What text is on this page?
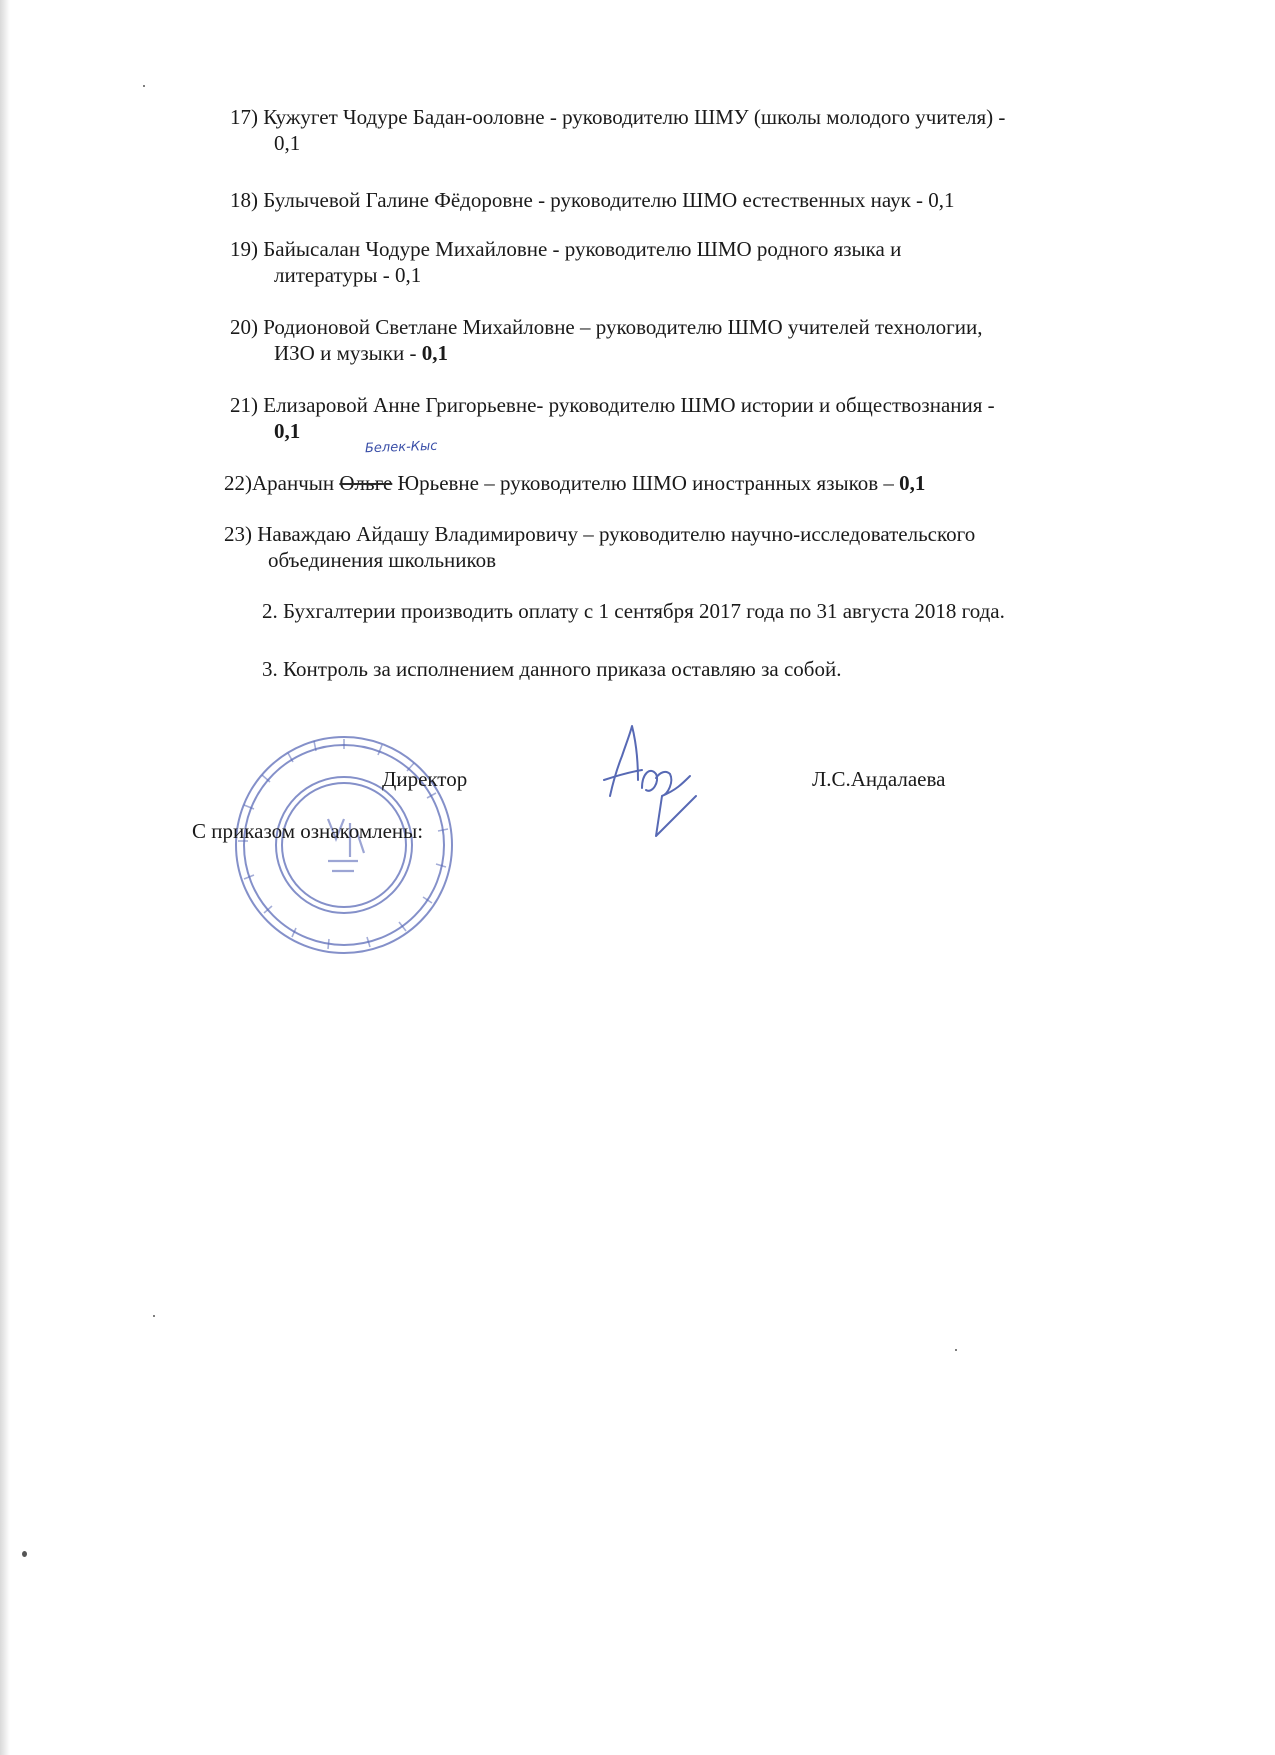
17) Кужугет Чодуре Бадан-ооловне - руководителю ШМУ (школы молодого учителя) -
0,1
18) Булычевой Галине Фёдоровне - руководителю ШМО естественных наук - 0,1
19) Байысалан Чодуре Михайловне - руководителю ШМО родного языка и
литературы - 0,1
20) Родионовой Светлане Михайловне – руководителю ШМО учителей технологии,
ИЗО и музыки - 0,1
21) Елизаровой Анне Григорьевне- руководителю ШМО истории и обществознания -
0,1
Белек-Кыс
22)Аранчын Ольге Юрьевне – руководителю ШМО иностранных языков – 0,1
23) Наваждаю Айдашу Владимировичу – руководителю научно-исследовательского
объединения школьников
2. Бухгалтерии производить оплату с 1 сентября 2017 года по 31 августа 2018 года.
3. Контроль за исполнением данного приказа оставляю за собой.
Директор	Л.С.Андалаева
С приказом ознакомлены:
